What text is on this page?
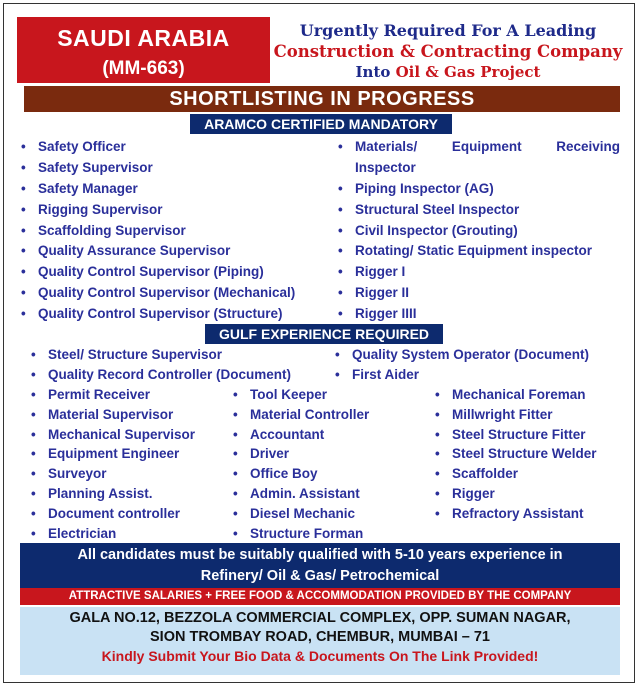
SAUDI ARABIA
(MM-663)
Urgently Required For A Leading
Construction & Contracting Company
Into Oil & Gas Project
SHORTLISTING IN PROGRESS
ARAMCO CERTIFIED MANDATORY
• Safety Officer
• Safety Supervisor
• Safety Manager
• Rigging Supervisor
• Scaffolding Supervisor
• Quality Assurance Supervisor
• Quality Control Supervisor (Piping)
• Quality Control Supervisor (Mechanical)
• Quality Control Supervisor (Structure)
• Materials/	Equipment	Receiving
Inspector
• Piping Inspector (AG)
• Structural Steel Inspector
• Civil Inspector (Grouting)
• Rotating/ Static Equipment inspector
• Rigger I
• Rigger II
• Rigger IIII
GULF EXPERIENCE REQUIRED
• Steel/ Structure Supervisor
• Quality Record Controller (Document)
• Quality System Operator (Document)
• First Aider
• Permit Receiver
• Material Supervisor
• Mechanical Supervisor
• Equipment Engineer
• Surveyor
• Planning Assist.
• Document controller
• Electrician
• Tool Keeper
• Material Controller
• Accountant
• Driver
• Office Boy
• Admin. Assistant
• Diesel Mechanic
• Structure Forman
• Mechanical Foreman
• Millwright Fitter
• Steel Structure Fitter
• Steel Structure Welder
• Scaffolder
• Rigger
• Refractory Assistant
All candidates must be suitably qualified with 5-10 years experience in
Refinery/ Oil & Gas/ Petrochemical
ATTRACTIVE SALARIES + FREE FOOD & ACCOMMODATION PROVIDED BY THE COMPANY
GALA NO.12, BEZZOLA COMMERCIAL COMPLEX, OPP. SUMAN NAGAR,
SION TROMBAY ROAD, CHEMBUR, MUMBAI – 71
Kindly Submit Your Bio Data & Documents On The Link Provided!
